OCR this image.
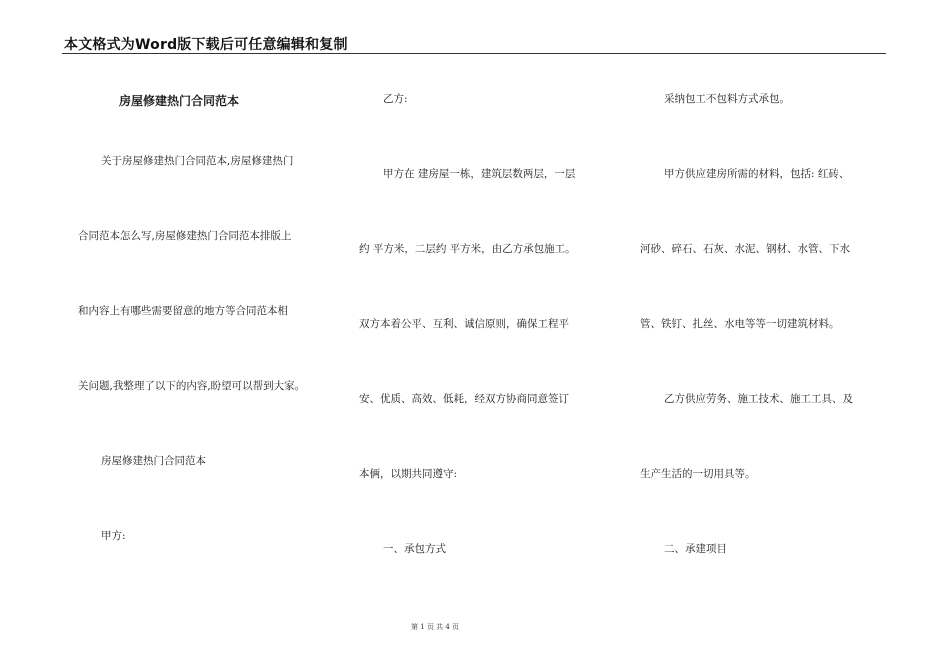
本文格式为Word版下载后可任意编辑和复制
房屋修建热门合同范本
关于房屋修建热门合同范本,房屋修建热门
合同范本怎么写,房屋修建热门合同范本排版上
和内容上有哪些需要留意的地方等合同范本相
关问题,我整理了以下的内容,盼望可以帮到大家。
房屋修建热门合同范本
甲方:
乙方:
甲方在 建房屋一栋，建筑层数两层，一层
约 平方米，二层约 平方米，由乙方承包施工。
双方本着公平、互利、诚信原则，确保工程平
安、优质、高效、低耗，经双方协商同意签订
本俩，以期共同遵守:
一、承包方式
采纳包工不包料方式承包。
甲方供应建房所需的材料，包括: 红砖、
河砂、碎石、石灰、水泥、钢材、水管、下水
管、铁钉、扎丝、水电等等一切建筑材料。
乙方供应劳务、施工技术、施工工具、及
生产生活的一切用具等。
二、承建项目
第 1 页 共 4 页
